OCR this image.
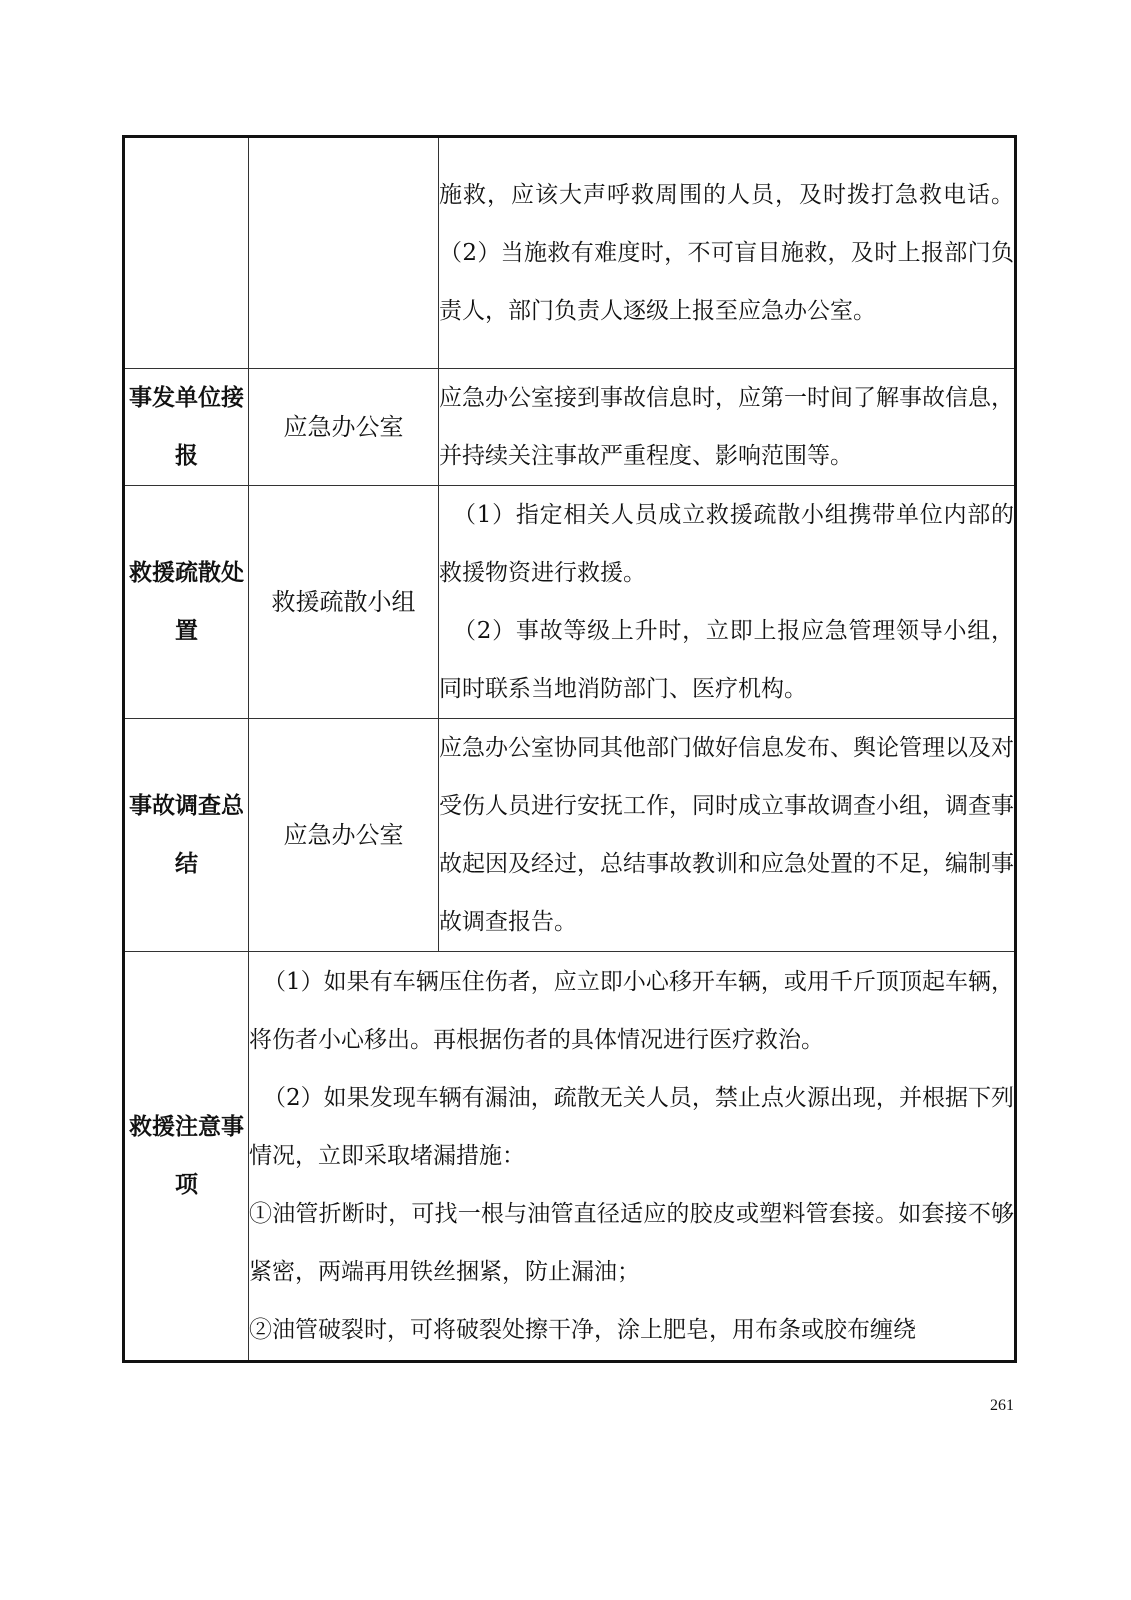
		施救，应该大声呼救周围的人员，及时拨打急救电话。（2）当施救有难度时，不可盲目施救，及时上报部门负责人，部门负责人逐级上报至应急办公室。

事发单位接报	应急办公室	应急办公室接到事故信息时，应第一时间了解事故信息，并持续关注事故严重程度、影响范围等。

救援疏散处置	救援疏散小组	（1）指定相关人员成立救援疏散小组携带单位内部的救援物资进行救援。

（2）事故等级上升时，立即上报应急管理领导小组，同时联系当地消防部门、医疗机构。

事故调查总结	应急办公室	应急办公室协同其他部门做好信息发布、舆论管理以及对受伤人员进行安抚工作，同时成立事故调查小组，调查事故起因及经过，总结事故教训和应急处置的不足，编制事故调查报告。

救援注意事项	（1）如果有车辆压住伤者，应立即小心移开车辆，或用千斤顶顶起车辆，将伤者小心移出。再根据伤者的具体情况进行医疗救治。

（2）如果发现车辆有漏油，疏散无关人员，禁止点火源出现，并根据下列情况，立即采取堵漏措施：

①油管折断时，可找一根与油管直径适应的胶皮或塑料管套接。如套接不够紧密，两端再用铁丝捆紧，防止漏油；

②油管破裂时，可将破裂处擦干净，涂上肥皂，用布条或胶布缠绕	

261
